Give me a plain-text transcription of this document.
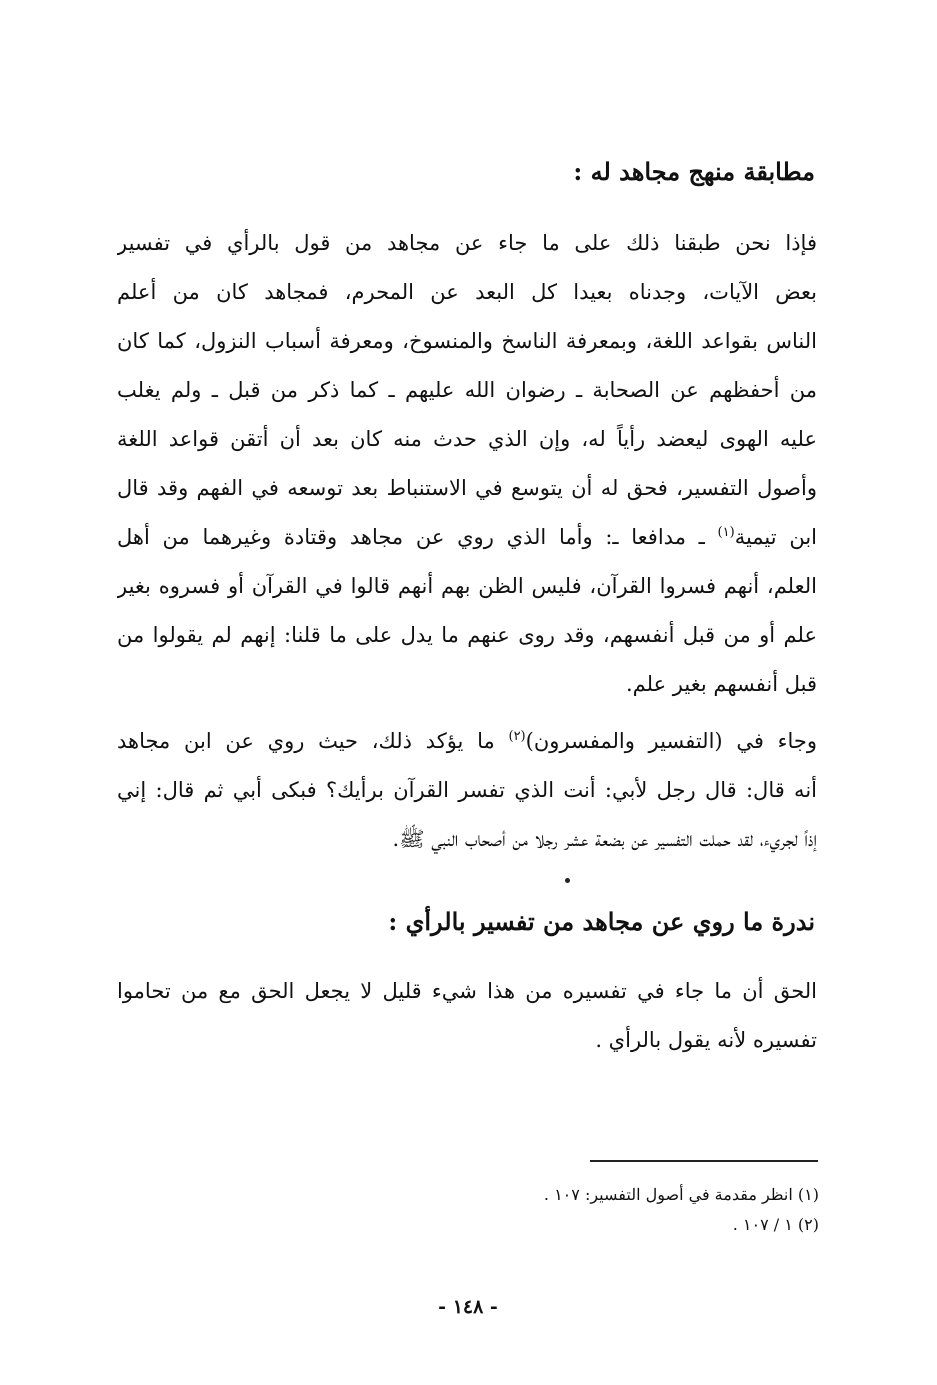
مطابقة منهج مجاهد له :
فإذا نحن طبقنا ذلك على ما جاء عن مجاهد من قول بالرأي في تفسير
بعض الآيات، وجدناه بعيدا كل البعد عن المحرم، فمجاهد كان من أعلم
الناس بقواعد اللغة، وبمعرفة الناسخ والمنسوخ، ومعرفة أسباب النزول، كما كان
من أحفظهم عن الصحابة ـ رضوان الله عليهم ـ كما ذكر من قبل ـ ولم يغلب
عليه الهوى ليعضد رأياً له، وإن الذي حدث منه كان بعد أن أتقن قواعد اللغة
وأصول التفسير، فحق له أن يتوسع في الاستنباط بعد توسعه في الفهم وقد قال
ابن تيمية$^{(١)}$ ـ مدافعا ـ: وأما الذي روي عن مجاهد وقتادة وغيرهما من أهل
العلم، أنهم فسروا القرآن، فليس الظن بهم أنهم قالوا في القرآن أو فسروه بغير
علم أو من قبل أنفسهم، وقد روى عنهم ما يدل على ما قلنا: إنهم لم يقولوا من
قبل أنفسهم بغير علم.
وجاء في (التفسير والمفسرون)$^{(٢)}$ ما يؤكد ذلك، حيث روي عن ابن مجاهد
أنه قال: قال رجل لأبي: أنت الذي تفسر القرآن برأيك؟ فبكى أبي ثم قال: إني
إذاً لجريء، لقد حملت التفسير عن بضعة عشر رجلا من أصحاب النبي ﷺ.
ندرة ما روي عن مجاهد من تفسير بالرأي :
الحق أن ما جاء في تفسيره من هذا شيء قليل لا يجعل الحق مع من تحاموا
تفسيره لأنه يقول بالرأي .
(١) انظر مقدمة في أصول التفسير: ١٠٧ .
(٢) ١ / ١٠٧ .
- ١٤٨ -
